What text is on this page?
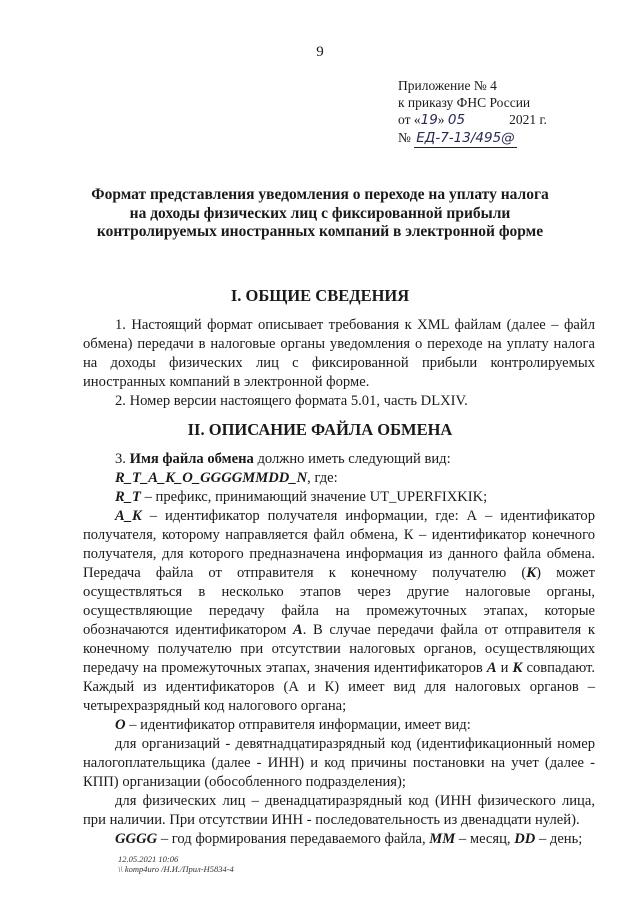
9
Приложение № 4
к приказу ФНС России
от «19» 05	2021 г.
№ ЕД-7-13/495@
Формат представления уведомления о переходе на уплату налога
на доходы физических лиц с фиксированной прибыли
контролируемых иностранных компаний в электронной форме
I. ОБЩИЕ СВЕДЕНИЯ

1. Настоящий формат описывает требования к XML файлам (далее – файл обмена) передачи в налоговые органы уведомления о переходе на уплату налога на доходы физических лиц с фиксированной прибыли контролируемых иностранных компаний в электронной форме.

2. Номер версии настоящего формата 5.01, часть DLXIV.

II. ОПИСАНИЕ ФАЙЛА ОБМЕНА

3. Имя файла обмена должно иметь следующий вид:

R_T_A_K_O_GGGGMMDD_N, где:

R_T – префикс, принимающий значение UT_UPERFIXKIK;

A_K – идентификатор получателя информации, где: А – идентификатор получателя, которому направляется файл обмена, К – идентификатор конечного получателя, для которого предназначена информация из данного файла обмена. Передача файла от отправителя к конечному получателю (К) может осуществляться в несколько этапов через другие налоговые органы, осуществляющие передачу файла на промежуточных этапах, которые обозначаются идентификатором А. В случае передачи файла от отправителя к конечному получателю при отсутствии налоговых органов, осуществляющих передачу на промежуточных этапах, значения идентификаторов А и К совпадают. Каждый из идентификаторов (А и К) имеет вид для налоговых органов – четырехразрядный код налогового органа;

О – идентификатор отправителя информации, имеет вид:

для организаций - девятнадцатиразрядный код (идентификационный номер налогоплательщика (далее - ИНН) и код причины постановки на учет (далее - КПП) организации (обособленного подразделения);

для физических лиц – двенадцатиразрядный код (ИНН физического лица, при наличии. При отсутствии ИНН - последовательность из двенадцати нулей).

GGGG – год формирования передаваемого файла, MM – месяц, DD – день;

12.05.2021 10:06
\\ komp4uro /Н.И./Прил-Н5834-4
